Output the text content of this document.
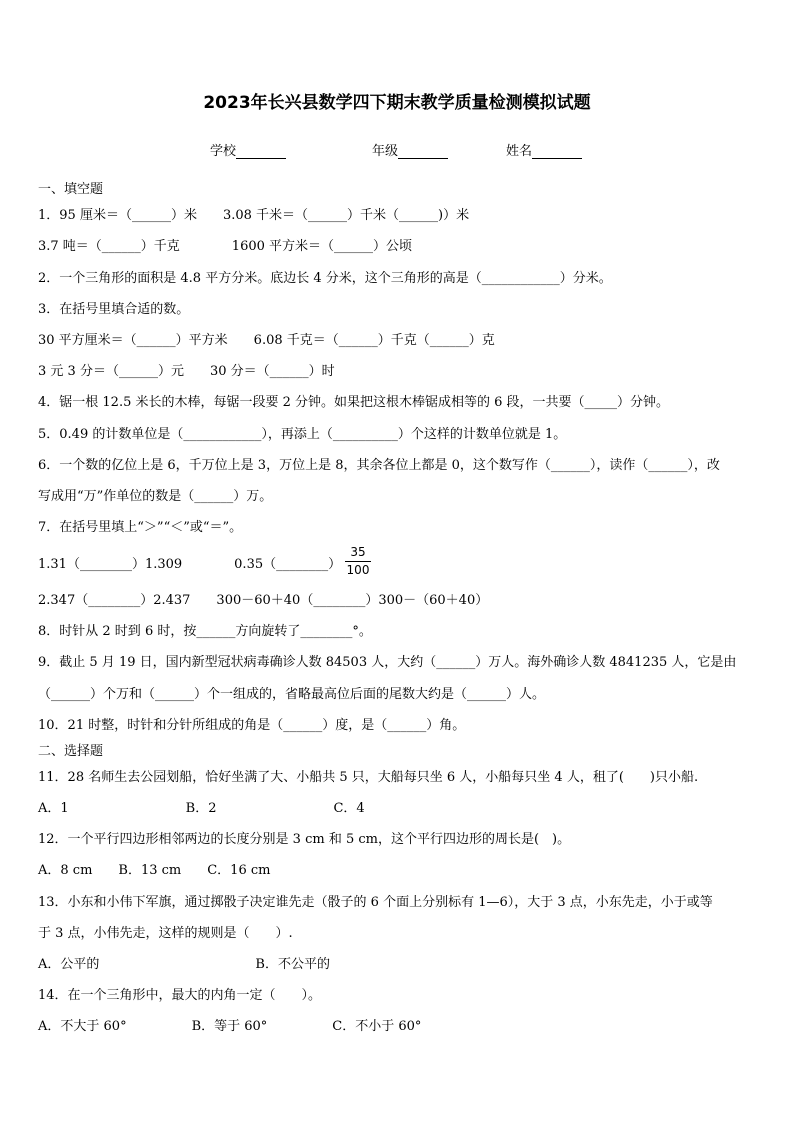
2023年长兴县数学四下期末教学质量检测模拟试题
学校	年级	姓名
一、填空题
1．95 厘米＝（______）米　　3.08 千米＝（______）千米（______)）米
3.7 吨＝（______）千克　　　　1600 平方米＝（______）公顷
2．一个三角形的面积是 4.8 平方分米。底边长 4 分米，这个三角形的高是（____________）分米。
3．在括号里填合适的数。
30 平方厘米＝（______）平方米　　6.08 千克＝（______）千克（______）克
3 元 3 分＝（______）元　　30 分＝（______）时
4．锯一根 12.5 米长的木棒，每锯一段要 2 分钟。如果把这根木棒锯成相等的 6 段，一共要（_____）分钟。
5．0.49 的计数单位是（____________），再添上（__________）个这样的计数单位就是 1。
6．一个数的亿位上是 6，千万位上是 3，万位上是 8，其余各位上都是 0，这个数写作（______），读作（______），改
写成用“万”作单位的数是（______）万。
7．在括号里填上“＞”“＜”或“＝”。
1.31（________）1.309　　　　0.35（________）
35
100
2.347（________）2.437　　300－60＋40（________）300－（60＋40）
8．时针从 2 时到 6 时，按______方向旋转了________°。
9．截止 5 月 19 日，国内新型冠状病毒确诊人数 84503 人，大约（______）万人。海外确诊人数 4841235 人，它是由
（______）个万和（______）个一组成的，省略最高位后面的尾数大约是（______）人。
10．21 时整，时针和分针所组成的角是（______）度，是（______）角。
二、选择题
11．28 名师生去公园划船，恰好坐满了大、小船共 5 只，大船每只坐 6 人，小船每只坐 4 人，租了(　　)只小船.
A．1　　　　　　　　　B．2　　　　　　　　　C．4
12．一个平行四边形相邻两边的长度分别是 3 cm 和 5 cm，这个平行四边形的周长是(　)。
A．8 cm　　B．13 cm　　C．16 cm
13．小东和小伟下军旗，通过掷骰子决定谁先走（骰子的 6 个面上分别标有 1—6），大于 3 点，小东先走，小于或等
于 3 点，小伟先走，这样的规则是（　　）.
A．公平的　　　　　　　　　　　　B．不公平的
14．在一个三角形中，最大的内角一定（　　）。
A．不大于 60°　　　　　B．等于 60°　　　　　C．不小于 60°
